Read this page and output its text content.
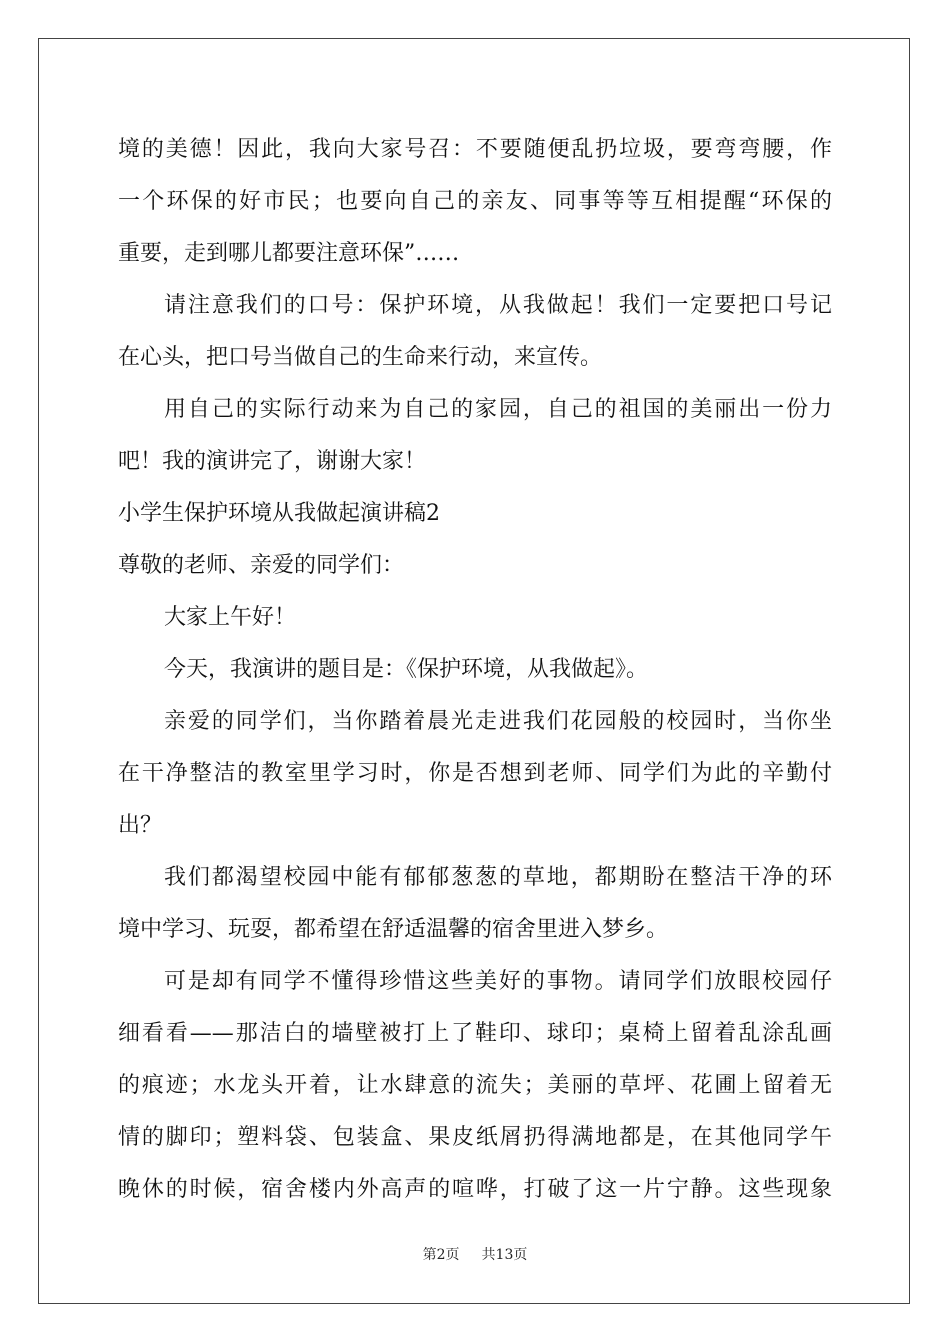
境的美德！因此，我向大家号召：不要随便乱扔垃圾，要弯弯腰，作
一个环保的好市民；也要向自己的亲友、同事等等互相提醒“环保的
重要，走到哪儿都要注意环保”……
请注意我们的口号：保护环境，从我做起！我们一定要把口号记
在心头，把口号当做自己的生命来行动，来宣传。
用自己的实际行动来为自己的家园，自己的祖国的美丽出一份力
吧！我的演讲完了，谢谢大家！
小学生保护环境从我做起演讲稿2
尊敬的老师、亲爱的同学们：
大家上午好！
今天，我演讲的题目是：《保护环境，从我做起》。
亲爱的同学们，当你踏着晨光走进我们花园般的校园时，当你坐
在干净整洁的教室里学习时，你是否想到老师、同学们为此的辛勤付
出？
我们都渴望校园中能有郁郁葱葱的草地，都期盼在整洁干净的环
境中学习、玩耍，都希望在舒适温馨的宿舍里进入梦乡。
可是却有同学不懂得珍惜这些美好的事物。请同学们放眼校园仔
细看看——那洁白的墙壁被打上了鞋印、球印；桌椅上留着乱涂乱画
的痕迹；水龙头开着，让水肆意的流失；美丽的草坪、花圃上留着无
情的脚印；塑料袋、包装盒、果皮纸屑扔得满地都是，在其他同学午
晚休的时候，宿舍楼内外高声的喧哗，打破了这一片宁静。这些现象
第2页 共13页
